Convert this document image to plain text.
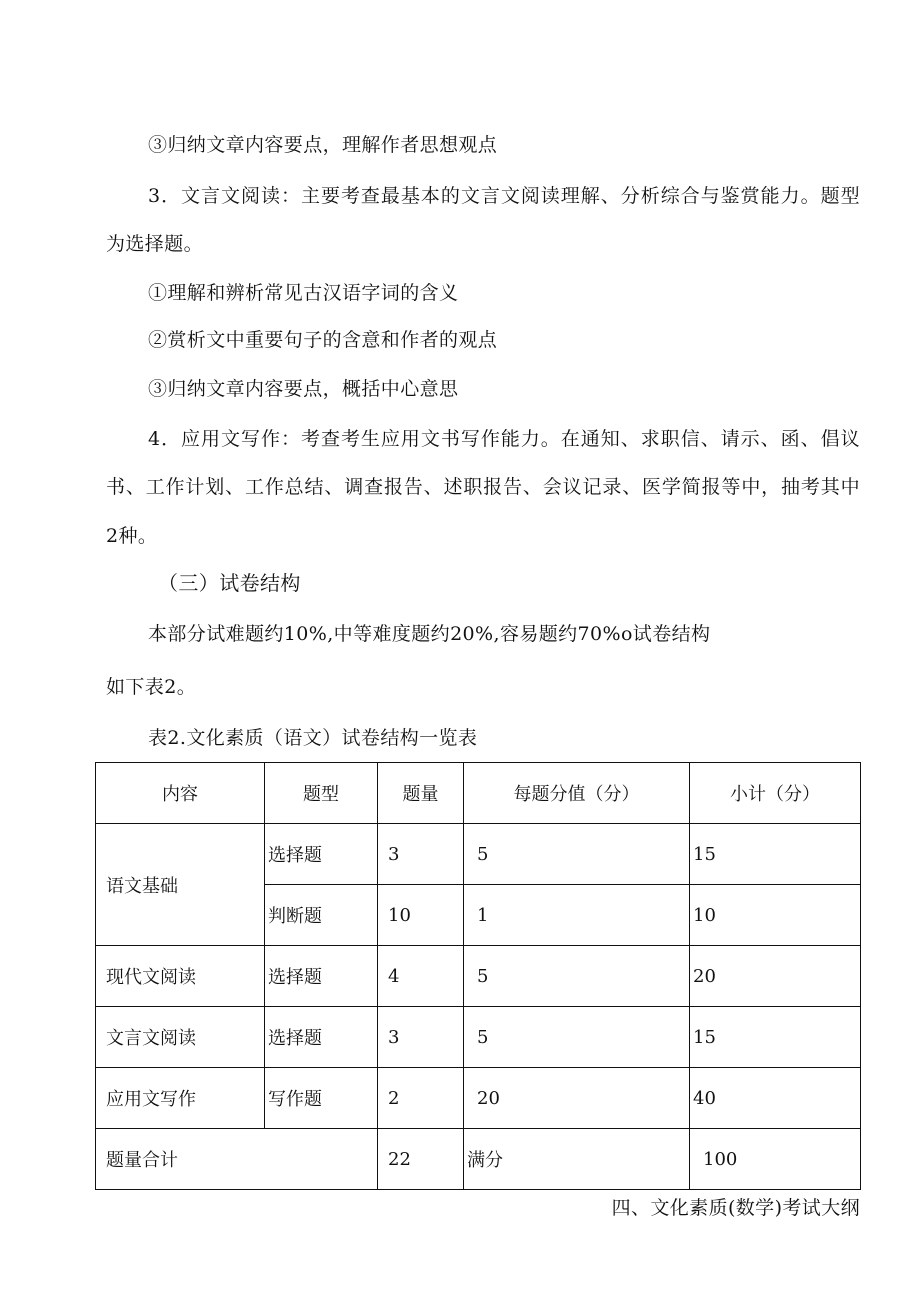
③归纳文章内容要点，理解作者思想观点
3．文言文阅读：主要考查最基本的文言文阅读理解、分析综合与鉴赏能力。题型
为选择题。
①理解和辨析常见古汉语字词的含义
②赏析文中重要句子的含意和作者的观点
③归纳文章内容要点，概括中心意思
4．应用文写作：考查考生应用文书写作能力。在通知、求职信、请示、函、倡议
书、工作计划、工作总结、调查报告、述职报告、会议记录、医学简报等中，抽考其中
2种。
（三）试卷结构
本部分试难题约10%,中等难度题约20%,容易题约70%o试卷结构
如下表2。
表2.文化素质（语文）试卷结构一览表
内容	题型	题量	每题分值（分）	小计（分）
语文基础	选择题	3	5	15
	判断题	10	1	10
现代文阅读	选择题	4	5	20
文言文阅读	选择题	3	5	15
应用文写作	写作题	2	20	40
题量合计		22	满分	100
四、文化素质(数学)考试大纲
